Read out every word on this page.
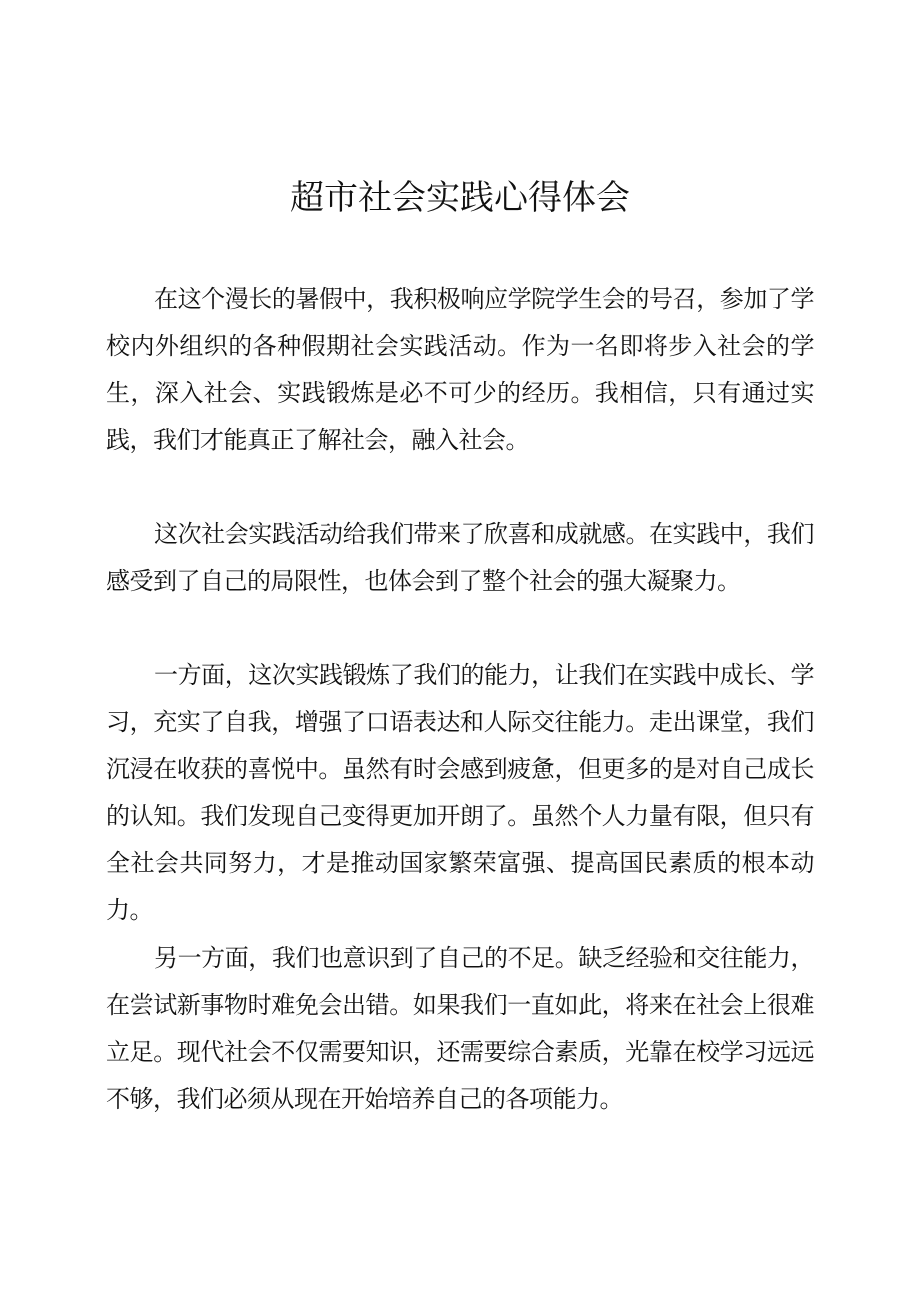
超市社会实践心得体会

在这个漫长的暑假中，我积极响应学院学生会的号召，参加了学校内外组织的各种假期社会实践活动。作为一名即将步入社会的学生，深入社会、实践锻炼是必不可少的经历。我相信，只有通过实践，我们才能真正了解社会，融入社会。

这次社会实践活动给我们带来了欣喜和成就感。在实践中，我们感受到了自己的局限性，也体会到了整个社会的强大凝聚力。

一方面，这次实践锻炼了我们的能力，让我们在实践中成长、学习，充实了自我，增强了口语表达和人际交往能力。走出课堂，我们沉浸在收获的喜悦中。虽然有时会感到疲惫，但更多的是对自己成长的认知。我们发现自己变得更加开朗了。虽然个人力量有限，但只有全社会共同努力，才是推动国家繁荣富强、提高国民素质的根本动力。

另一方面，我们也意识到了自己的不足。缺乏经验和交往能力，在尝试新事物时难免会出错。如果我们一直如此，将来在社会上很难立足。现代社会不仅需要知识，还需要综合素质，光靠在校学习远远不够，我们必须从现在开始培养自己的各项能力。
